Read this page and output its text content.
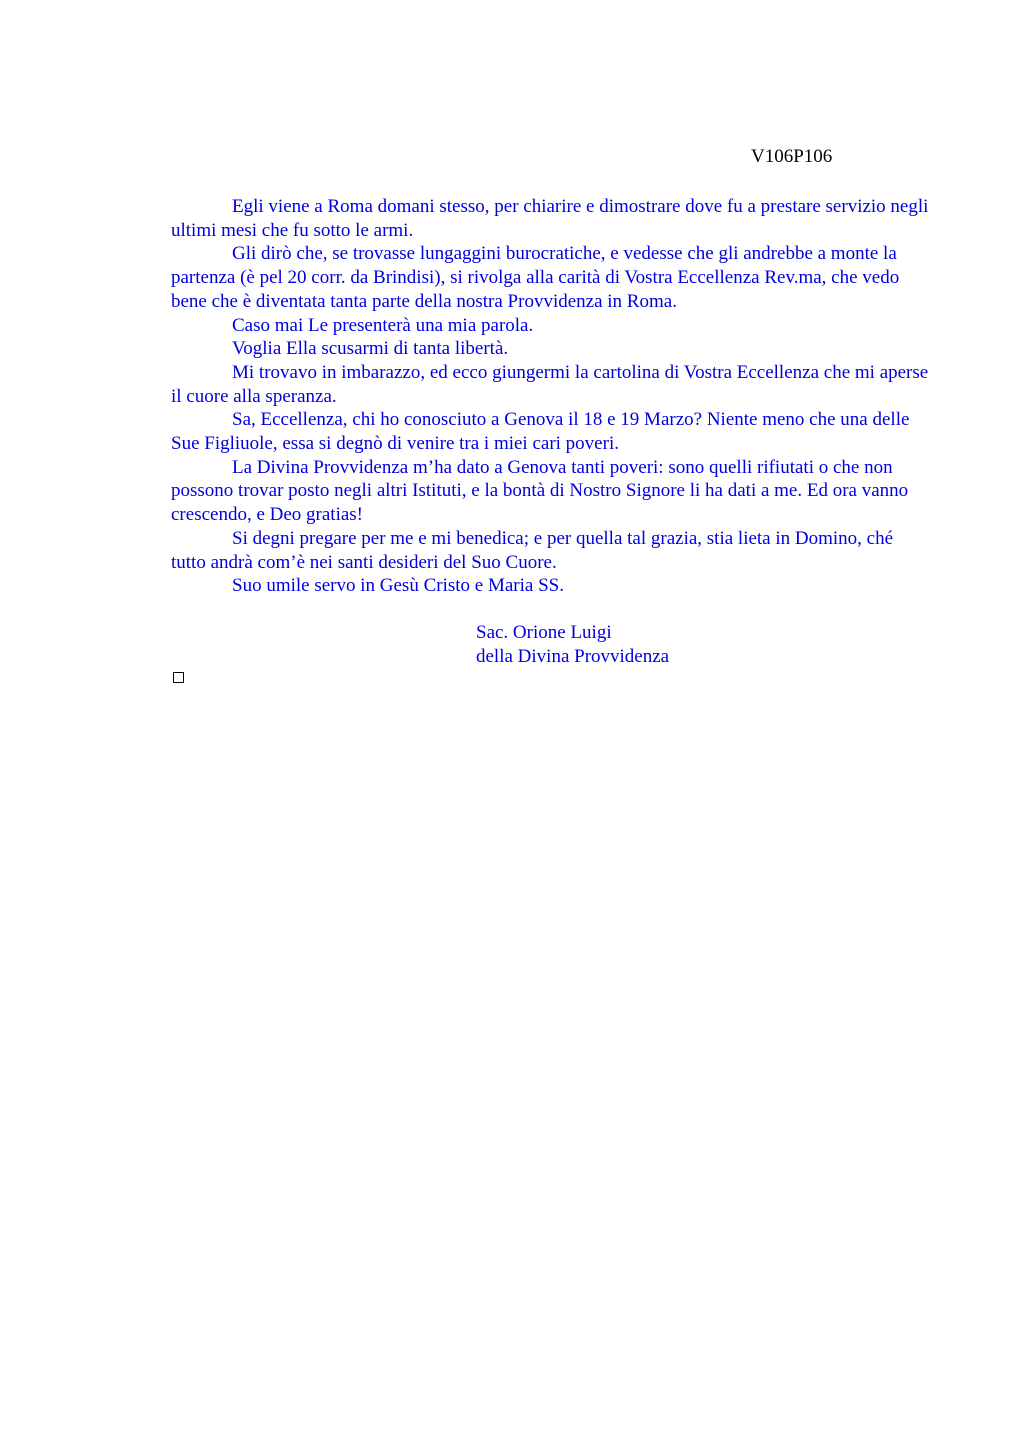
V106P106

Egli viene a Roma domani stesso, per chiarire e dimostrare dove fu a prestare servizio negli ultimi mesi che fu sotto le armi.

Gli dirò che, se trovasse lungaggini burocratiche, e vedesse che gli andrebbe a monte la partenza (è pel 20 corr. da Brindisi), si rivolga alla carità di Vostra Eccellenza Rev.ma, che vedo bene che è diventata tanta parte della nostra Provvidenza in Roma.

Caso mai Le presenterà una mia parola.

Voglia Ella scusarmi di tanta libertà.

Mi trovavo in imbarazzo, ed ecco giungermi la cartolina di Vostra Eccellenza che mi aperse il cuore alla speranza.

Sa, Eccellenza, chi ho conosciuto a Genova il 18 e 19 Marzo? Niente meno che una delle Sue Figliuole, essa si degnò di venire tra i miei cari poveri.

La Divina Provvidenza m’ha dato a Genova tanti poveri: sono quelli rifiutati o che non possono trovar posto negli altri Istituti, e la bontà di Nostro Signore li ha dati a me. Ed ora vanno crescendo, e Deo gratias!

Si degni pregare per me e mi benedica; e per quella tal grazia, stia lieta in Domino, ché tutto andrà com’è nei santi desideri del Suo Cuore.

Suo umile servo in Gesù Cristo e Maria SS.

Sac. Orione Luigi
della Divina Provvidenza
